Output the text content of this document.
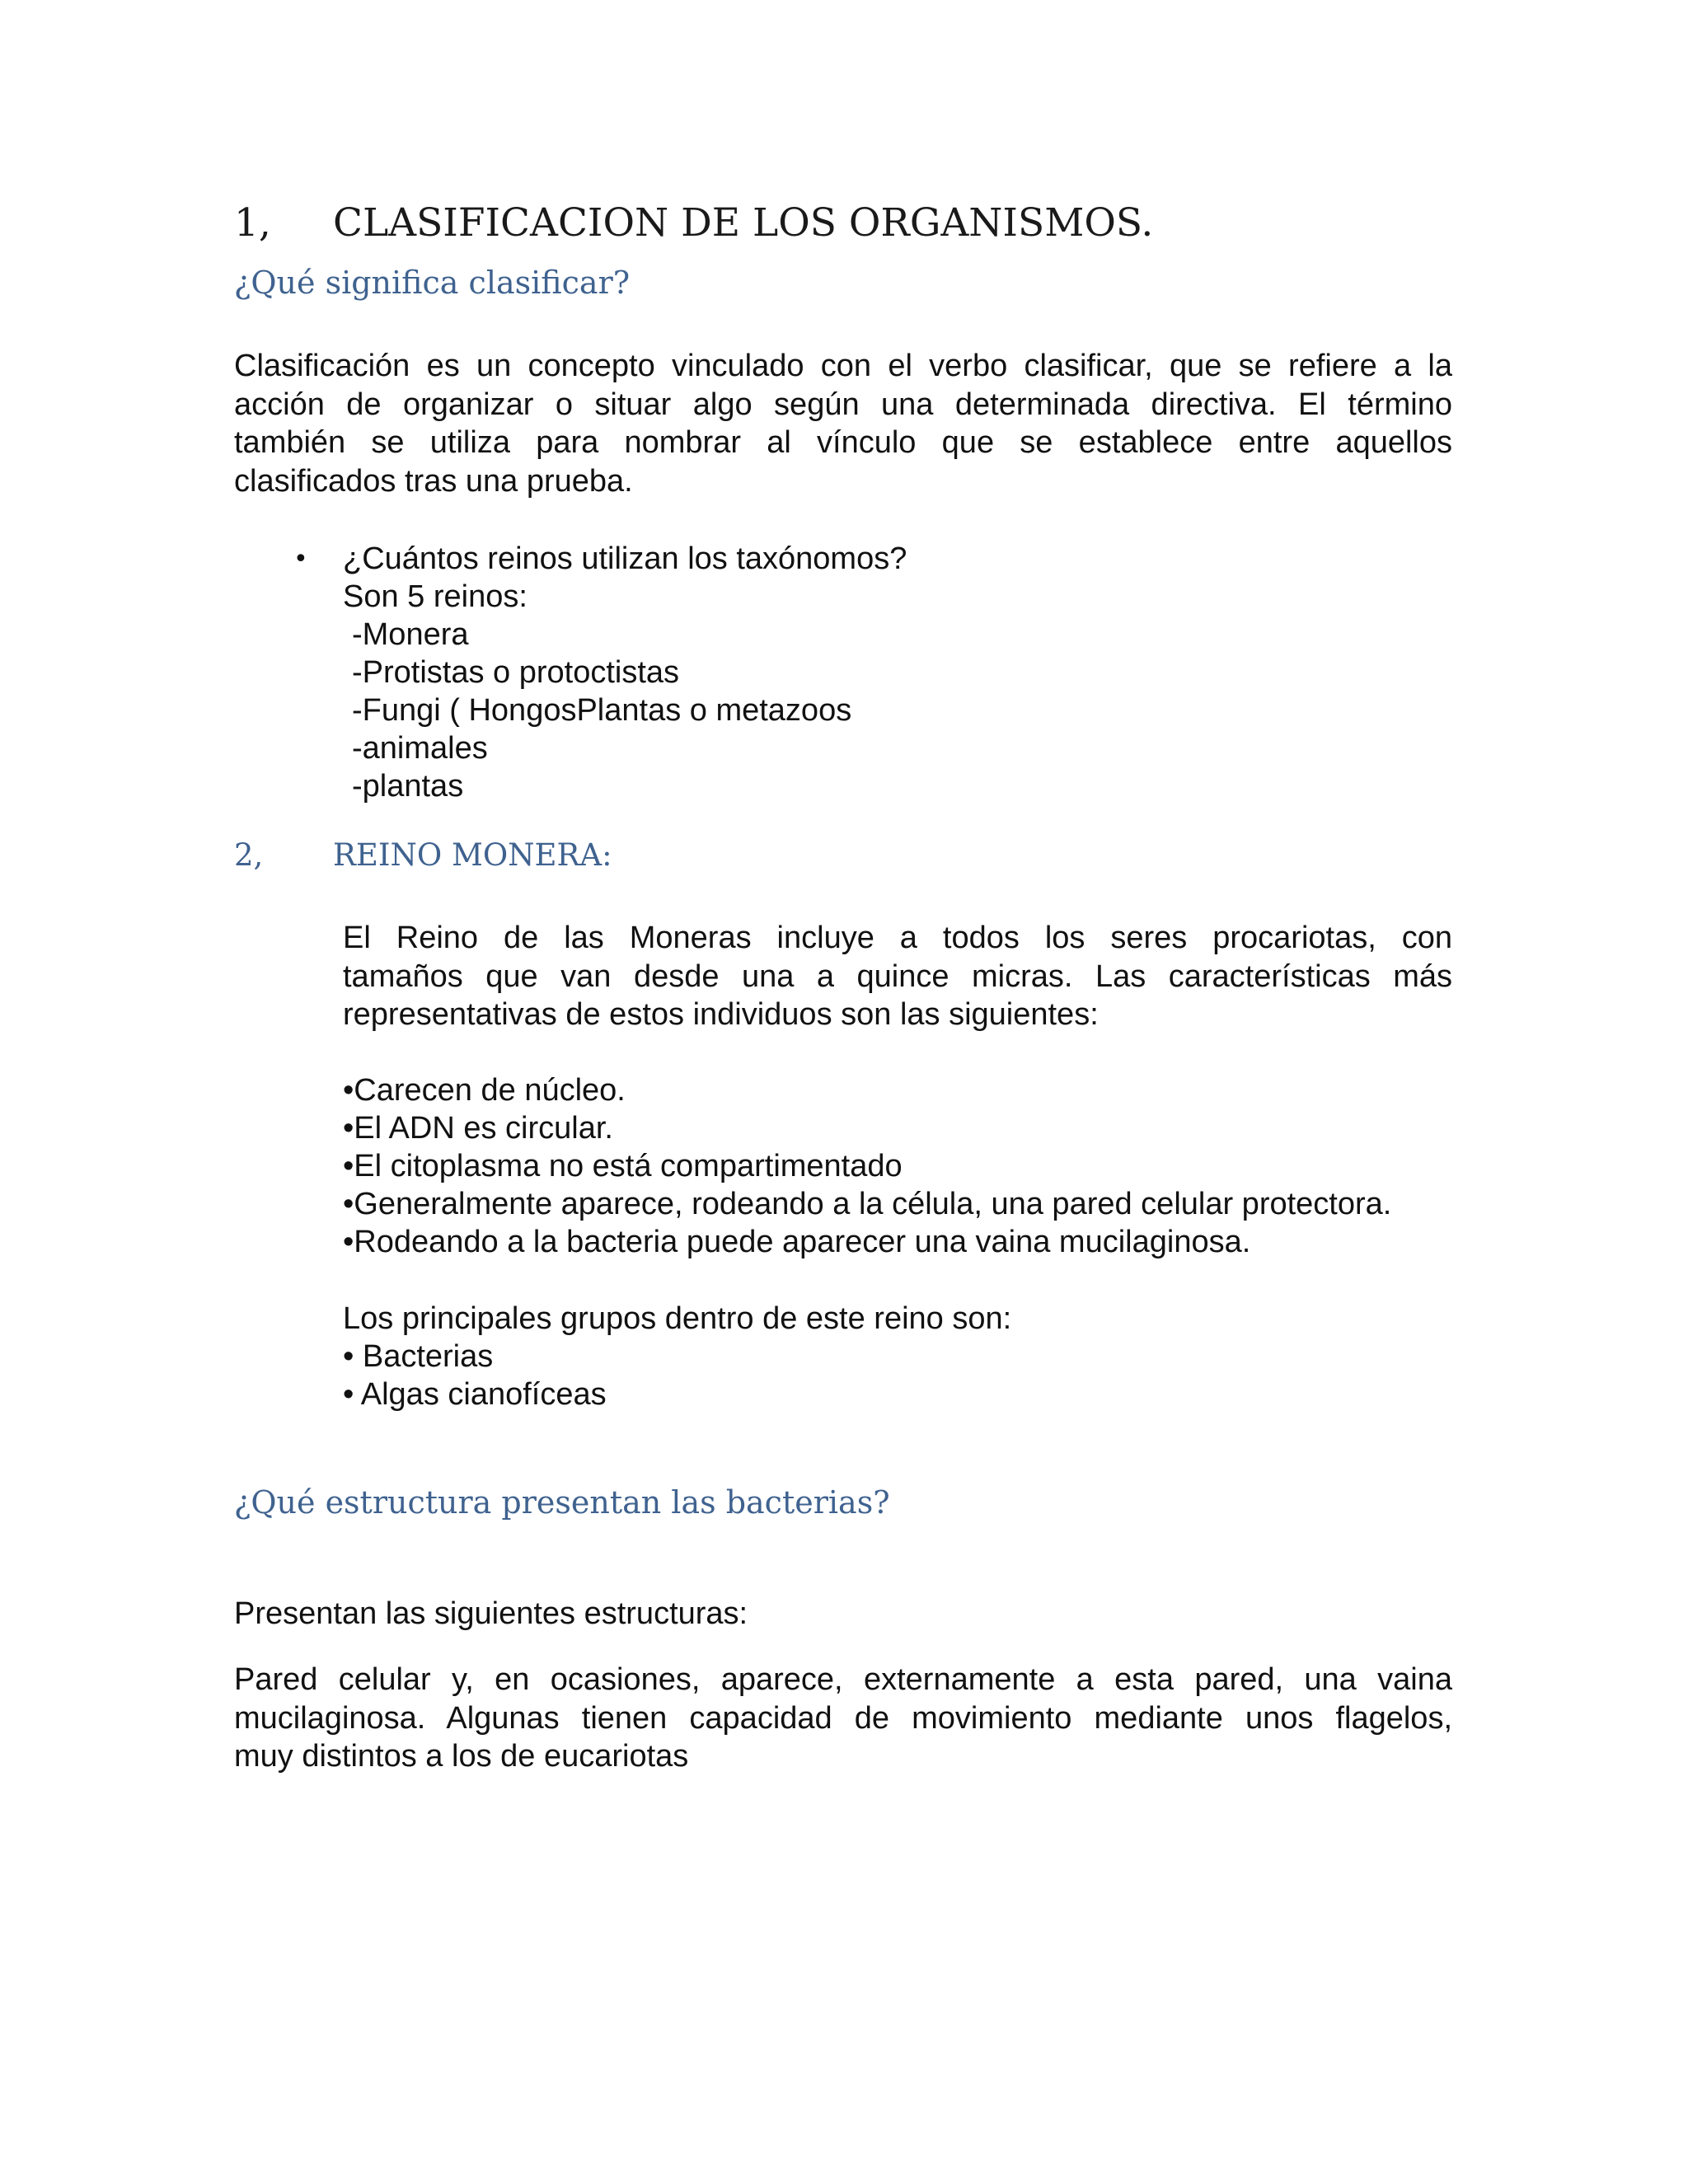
1, CLASIFICACION DE LOS ORGANISMOS.
¿Qué significa clasificar?
Clasificación es un concepto vinculado con el verbo clasificar, que se refiere a la
acción de organizar o situar algo según una determinada directiva. El término
también se utiliza para nombrar al vínculo que se establece entre aquellos
clasificados tras una prueba.
• ¿Cuántos reinos utilizan los taxónomos?
Son 5 reinos:
-Monera
-Protistas o protoctistas
-Fungi ( HongosPlantas o metazoos
-animales
-plantas
2, REINO MONERA:
El Reino de las Moneras incluye a todos los seres procariotas, con
tamaños que van desde una a quince micras. Las características más
representativas de estos individuos son las siguientes:
•Carecen de núcleo.
•El ADN es circular.
•El citoplasma no está compartimentado
•Generalmente aparece, rodeando a la célula, una pared celular protectora.
•Rodeando a la bacteria puede aparecer una vaina mucilaginosa.
Los principales grupos dentro de este reino son:
• Bacterias
• Algas cianofíceas
¿Qué estructura presentan las bacterias?
Presentan las siguientes estructuras:
Pared celular y, en ocasiones, aparece, externamente a esta pared, una vaina
mucilaginosa. Algunas tienen capacidad de movimiento mediante unos flagelos,
muy distintos a los de eucariotas
